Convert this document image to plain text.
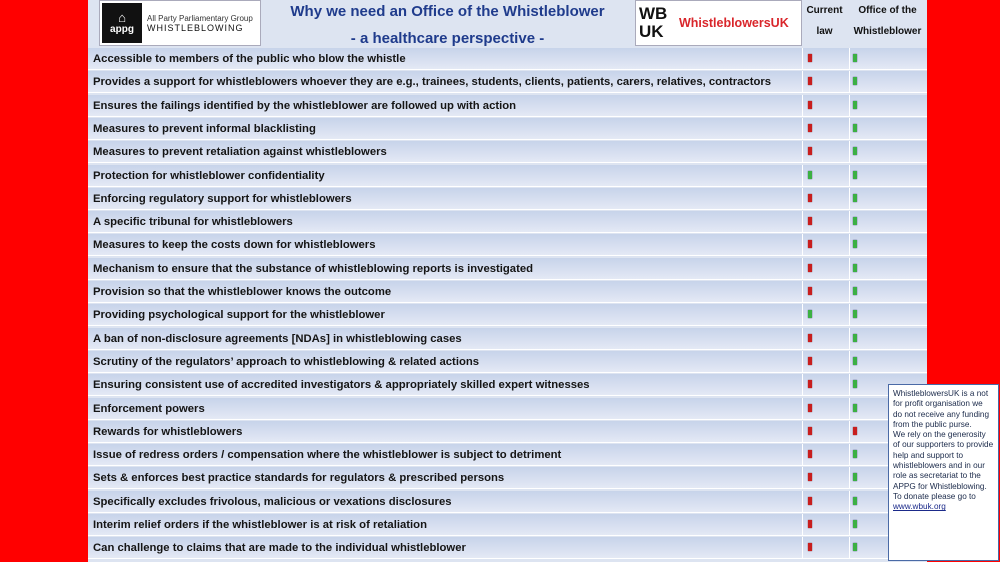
⌂
appg
All Party Parliamentary Group
WHISTLEBLOWING
Why we need an Office of the Whistleblower
- a healthcare perspective -
WB
UK	WhistleblowersUK
Current law
Office of the Whistleblower
Accessible to members of the public who blow the whistle
Provides a support for whistleblowers whoever they are e.g., trainees, students, clients, patients, carers, relatives, contractors
Ensures the failings identified by the whistleblower are followed up with action
Measures to prevent informal blacklisting
Measures to prevent retaliation against whistleblowers
Protection for whistleblower confidentiality
Enforcing regulatory support for whistleblowers
A specific tribunal for whistleblowers
Measures to keep the costs down for whistleblowers
Mechanism to ensure that the substance of whistleblowing reports is investigated
Provision so that the whistleblower knows the outcome
Providing psychological support for the whistleblower
A ban of non-disclosure agreements [NDAs] in whistleblowing cases
Scrutiny of the regulators’ approach to whistleblowing & related actions
Ensuring consistent use of accredited investigators & appropriately skilled expert witnesses
Enforcement powers
Rewards for whistleblowers
Issue of redress orders / compensation where the whistleblower is subject to detriment
Sets & enforces best practice standards for regulators & prescribed persons
Specifically excludes frivolous, malicious or vexations disclosures
Interim relief orders if the whistleblower is at risk of retaliation
Can challenge to claims that are made to the individual whistleblower

WhistleblowersUK is a not for profit organisation we do not receive any funding from the public purse.

We rely on the generosity of our supporters to provide help and support to whistleblowers and in our role as secretariat to the APPG for Whistleblowing.

To donate please go to

www.wbuk.org
